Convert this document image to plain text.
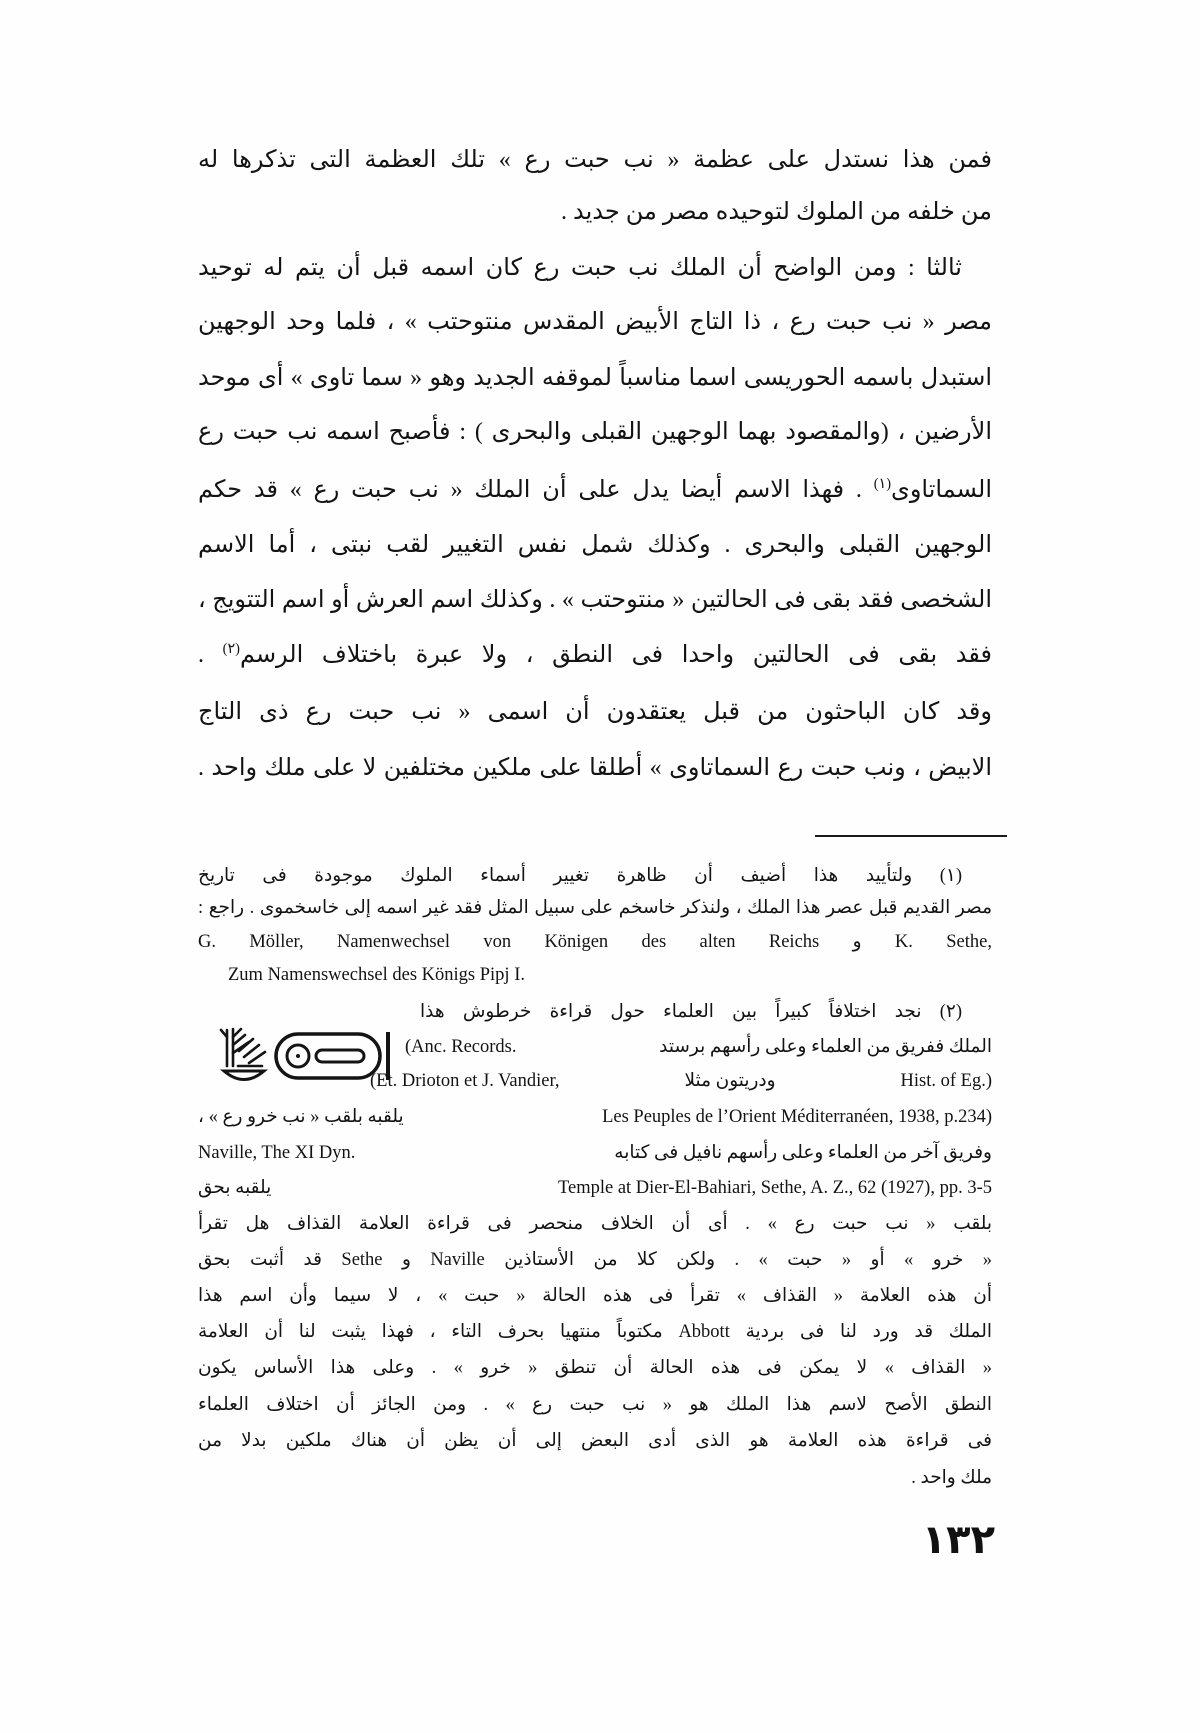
فمن هذا نستدل على عظمة « نب حبت رع » تلك العظمة التى تذكرها له
من خلفه من الملوك لتوحيده مصر من جديد .
ثالثا : ومن الواضح أن الملك نب حبت رع كان اسمه قبل أن يتم له توحيد
مصر « نب حبت رع ، ذا التاج الأبيض المقدس منتوحتب » ، فلما وحد الوجهين
استبدل باسمه الحوريسى اسما مناسباً لموقفه الجديد وهو « سما تاوى » أى موحد
الأرضين ، (والمقصود بهما الوجهين القبلى والبحرى ) : فأصبح اسمه نب حبت رع
السماتاوى$^{(١)}$ . فهذا الاسم أيضا يدل على أن الملك « نب حبت رع » قد حكم
الوجهين القبلى والبحرى . وكذلك شمل نفس التغيير لقب نبتى ، أما الاسم
الشخصى فقد بقى فى الحالتين « منتوحتب » . وكذلك اسم العرش أو اسم التتويج ،
فقد بقى فى الحالتين واحدا فى النطق ، ولا عبرة باختلاف الرسم$^{(٢)}$ .
وقد كان الباحثون من قبل يعتقدون أن اسمى « نب حبت رع ذى التاج
الابيض ، ونب حبت رع السماتاوى » أطلقا على ملكين مختلفين لا على ملك واحد .
(١) ولتأييد هذا أضيف أن ظاهرة تغيير أسماء الملوك موجودة فى تاريخ
مصر القديم قبل عصر هذا الملك ، ولنذكر خاسخم على سبيل المثل فقد غير اسمه إلى خاسخموى . راجع :
G. Möller, Namenwechsel von Königen des alten Reichs و K. Sethe,
Zum Namenswechsel des Königs Pipj I.
(٢) نجد اختلافاً كبيراً بين العلماء حول قراءة خرطوش هذا
(Anc. Records.	الملك ففريق من العلماء وعلى رأسهم برستد
(Et. Drioton et J. Vandier,	ودريتون مثلا	Hist. of Eg.)
يلقبه بلقب « نب خرو رع » ،	Les Peuples de l’Orient Méditerranéen, 1938, p.234)
Naville, The XI Dyn.	وفريق آخر من العلماء وعلى رأسهم نافيل فى كتابه
يلقبه بحق	Temple at Dier-El-Bahiari, Sethe, A. Z., 62 (1927), pp. 3-5
بلقب « نب حبت رع » . أى أن الخلاف منحصر فى قراءة العلامة القذاف هل تقرأ
« خرو » أو « حبت » . ولكن كلا من الأستاذين Naville و Sethe قد أثبت بحق
أن هذه العلامة « القذاف » تقرأ فى هذه الحالة « حبت » ، لا سيما وأن اسم هذا
الملك قد ورد لنا فى بردية Abbott مكتوباً منتهيا بحرف التاء ، فهذا يثبت لنا أن العلامة
« القذاف » لا يمكن فى هذه الحالة أن تنطق « خرو » . وعلى هذا الأساس يكون
النطق الأصح لاسم هذا الملك هو « نب حبت رع » . ومن الجائز أن اختلاف العلماء
فى قراءة هذه العلامة هو الذى أدى البعض إلى أن يظن أن هناك ملكين بدلا من
ملك واحد .
١٣٢
